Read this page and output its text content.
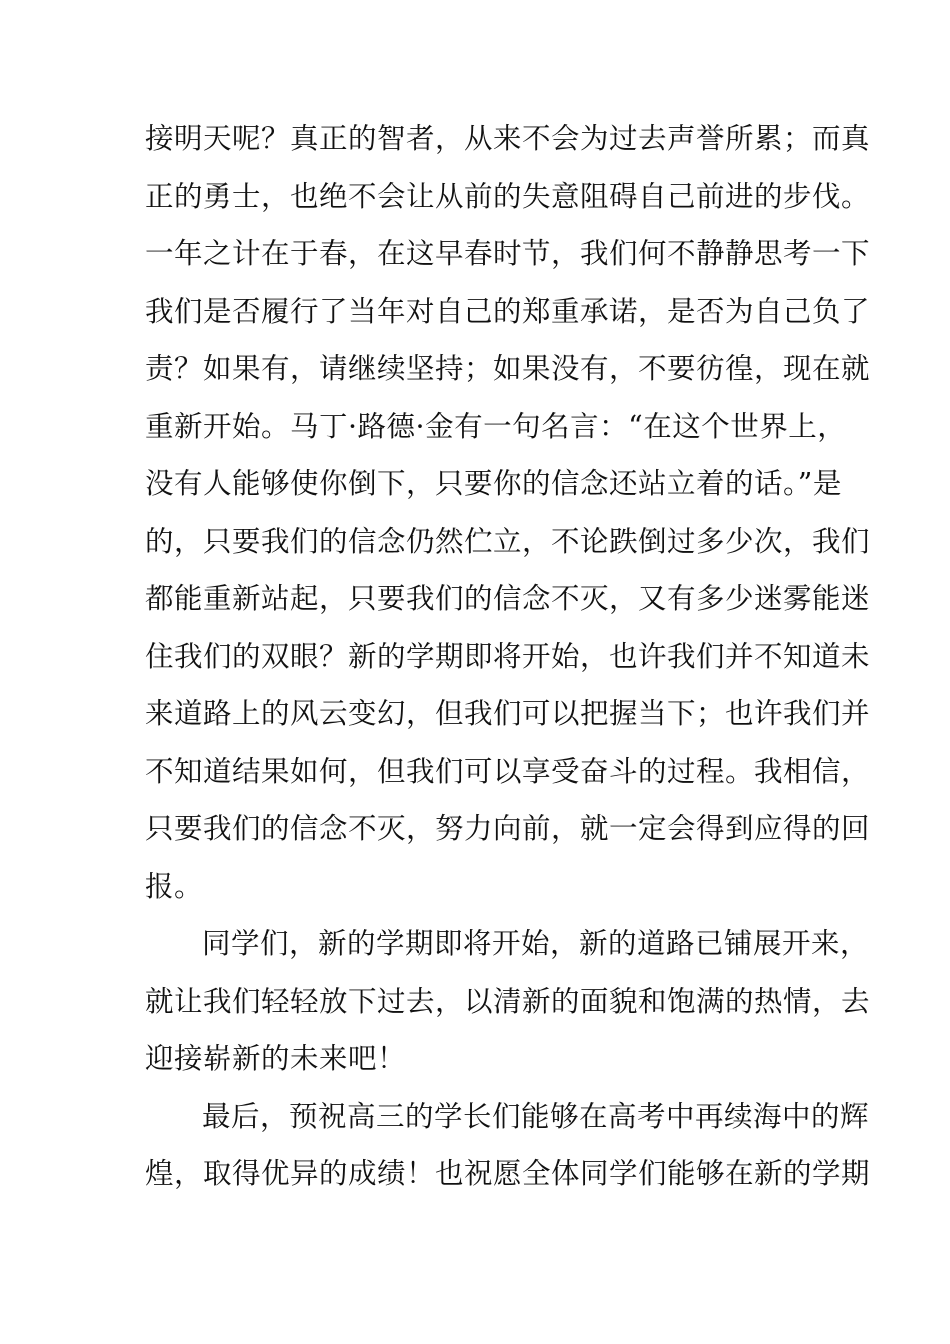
接明天呢？真正的智者，从来不会为过去声誉所累；而真
正的勇士，也绝不会让从前的失意阻碍自己前进的步伐。
一年之计在于春，在这早春时节，我们何不静静思考一下
我们是否履行了当年对自己的郑重承诺，是否为自己负了
责？如果有，请继续坚持；如果没有，不要彷徨，现在就
重新开始。马丁·路德·金有一句名言：“在这个世界上，
没有人能够使你倒下，只要你的信念还站立着的话。”是
的，只要我们的信念仍然伫立，不论跌倒过多少次，我们
都能重新站起，只要我们的信念不灭，又有多少迷雾能迷
住我们的双眼？新的学期即将开始，也许我们并不知道未
来道路上的风云变幻，但我们可以把握当下；也许我们并
不知道结果如何，但我们可以享受奋斗的过程。我相信，
只要我们的信念不灭，努力向前，就一定会得到应得的回
报。
同学们，新的学期即将开始，新的道路已铺展开来，
就让我们轻轻放下过去，以清新的面貌和饱满的热情，去
迎接崭新的未来吧！
最后，预祝高三的学长们能够在高考中再续海中的辉
煌，取得优异的成绩！也祝愿全体同学们能够在新的学期
